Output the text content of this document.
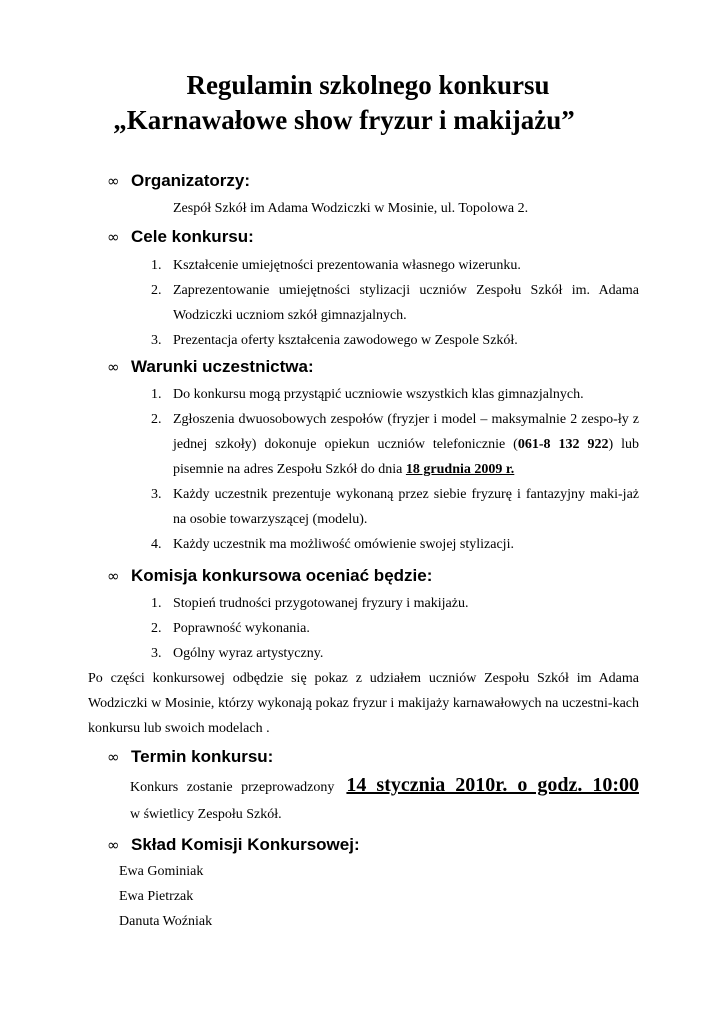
Regulamin szkolnego konkursu
„Karnawałowe show fryzur i makijażu”
∞ Organizatorzy:

Zespół Szkół im Adama Wodziczki w Mosinie, ul. Topolowa 2.

∞ Cele konkursu:
1. Kształcenie umiejętności prezentowania własnego wizerunku.
2. Zaprezentowanie umiejętności stylizacji uczniów Zespołu Szkół im. Adama Wodziczki uczniom szkół gimnazjalnych.
3. Prezentacja oferty kształcenia zawodowego w Zespole Szkół.
∞ Warunki uczestnictwa:
1. Do konkursu mogą przystąpić uczniowie wszystkich klas gimnazjalnych.
2. Zgłoszenia dwuosobowych zespołów (fryzjer i model – maksymalnie 2 zespo-ły z jednej szkoły) dokonuje opiekun uczniów telefonicznie (061-8 132 922) lub pisemnie na adres Zespołu Szkół do dnia 18 grudnia 2009 r.
3. Każdy uczestnik prezentuje wykonaną przez siebie fryzurę i fantazyjny maki-jaż na osobie towarzyszącej (modelu).
4. Każdy uczestnik ma możliwość omówienie swojej stylizacji.
∞ Komisja konkursowa oceniać będzie:
1. Stopień trudności przygotowanej fryzury i makijażu.
2. Poprawność wykonania.
3. Ogólny wyraz artystyczny.

Po części konkursowej odbędzie się pokaz z udziałem uczniów Zespołu Szkół im Adama Wodziczki w Mosinie, którzy wykonają pokaz fryzur i makijaży karnawałowych na uczestni-kach konkursu lub swoich modelach .

∞ Termin konkursu:
Konkurs zostanie przeprowadzony 14 stycznia 2010r. o godz. 10:00

w świetlicy Zespołu Szkół.

∞ Skład Komisji Konkursowej:

Ewa Gominiak

Ewa Pietrzak

Danuta Woźniak
